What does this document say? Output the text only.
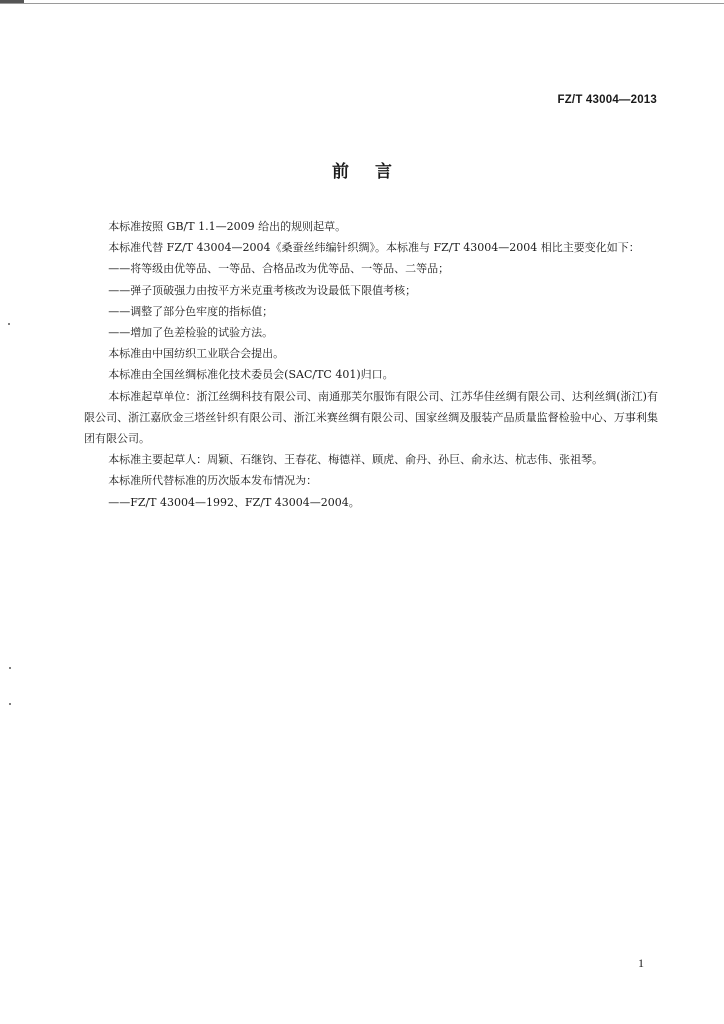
FZ/T 43004—2013
前言

本标准按照 GB/T 1.1—2009 给出的规则起草。

本标准代替 FZ/T 43004—2004《桑蚕丝纬编针织绸》。本标准与 FZ/T 43004—2004 相比主要变化如下：

——将等级由优等品、一等品、合格品改为优等品、一等品、二等品；

——弹子顶破强力由按平方米克重考核改为设最低下限值考核；

——调整了部分色牢度的指标值；

——增加了色差检验的试验方法。

本标准由中国纺织工业联合会提出。

本标准由全国丝绸标准化技术委员会(SAC/TC 401)归口。

本标准起草单位：浙江丝绸科技有限公司、南通那芙尔服饰有限公司、江苏华佳丝绸有限公司、达利丝绸(浙江)有限公司、浙江嘉欣金三塔丝针织有限公司、浙江米赛丝绸有限公司、国家丝绸及服装产品质量监督检验中心、万事利集团有限公司。

本标准主要起草人：周颖、石继钧、王春花、梅德祥、顾虎、俞丹、孙巨、俞永达、杭志伟、张祖琴。

本标准所代替标准的历次版本发布情况为：

——FZ/T 43004—1992、FZ/T 43004—2004。

1
